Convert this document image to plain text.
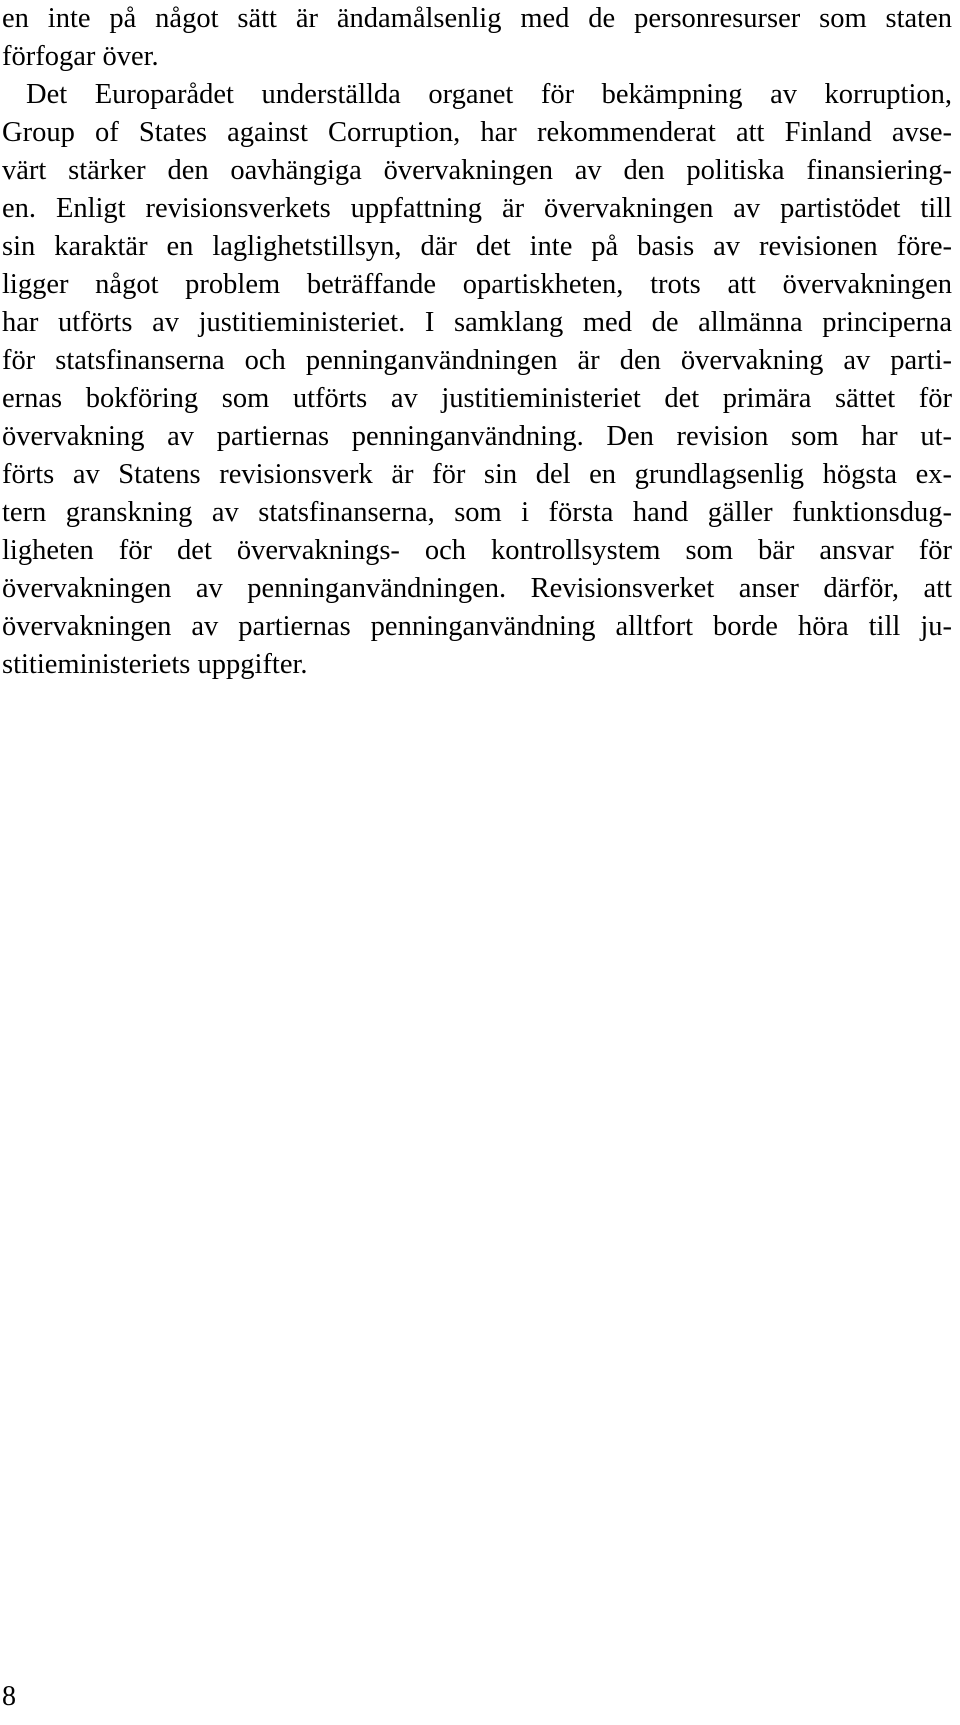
en inte på något sätt är ändamålsenlig med de personresurser som staten
förfogar över.
Det Europarådet underställda organet för bekämpning av korruption,
Group of States against Corruption, har rekommenderat att Finland avse-
värt stärker den oavhängiga övervakningen av den politiska finansiering-
en. Enligt revisionsverkets uppfattning är övervakningen av partistödet till
sin karaktär en laglighetstillsyn, där det inte på basis av revisionen före-
ligger något problem beträffande opartiskheten, trots att övervakningen
har utförts av justitieministeriet. I samklang med de allmänna principerna
för statsfinanserna och penninganvändningen är den övervakning av parti-
ernas bokföring som utförts av justitieministeriet det primära sättet för
övervakning av partiernas penninganvändning. Den revision som har ut-
förts av Statens revisionsverk är för sin del en grundlagsenlig högsta ex-
tern granskning av statsfinanserna, som i första hand gäller funktionsdug-
ligheten för det övervaknings- och kontrollsystem som bär ansvar för
övervakningen av penninganvändningen. Revisionsverket anser därför, att
övervakningen av partiernas penninganvändning alltfort borde höra till ju-
stitieministeriets uppgifter.
8
